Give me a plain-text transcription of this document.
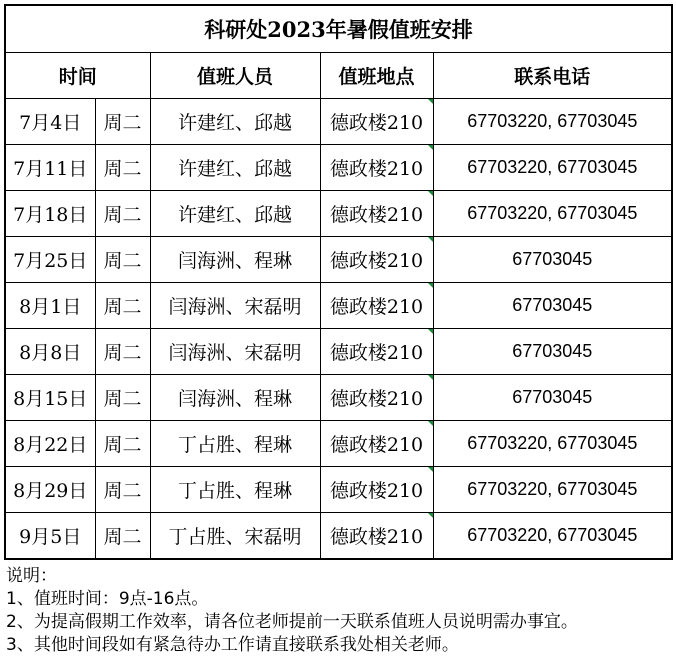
科研处2023年暑假值班安排				
时间		值班人员	值班地点	联系电话
7月4日	周二	许建红、邱越	德政楼210	67703220, 67703045
7月11日	周二	许建红、邱越	德政楼210	67703220, 67703045
7月18日	周二	许建红、邱越	德政楼210	67703220, 67703045
7月25日	周二	闫海洲、程琳	德政楼210	67703045
8月1日	周二	闫海洲、宋磊明	德政楼210	67703045
8月8日	周二	闫海洲、宋磊明	德政楼210	67703045
8月15日	周二	闫海洲、程琳	德政楼210	67703045
8月22日	周二	丁占胜、程琳	德政楼210	67703220, 67703045
8月29日	周二	丁占胜、程琳	德政楼210	67703220, 67703045
9月5日	周二	丁占胜、宋磊明	德政楼210	67703220, 67703045
说明：
1、值班时间：9点-16点。
2、为提高假期工作效率，请各位老师提前一天联系值班人员说明需办事宜。
3、其他时间段如有紧急待办工作请直接联系我处相关老师。
